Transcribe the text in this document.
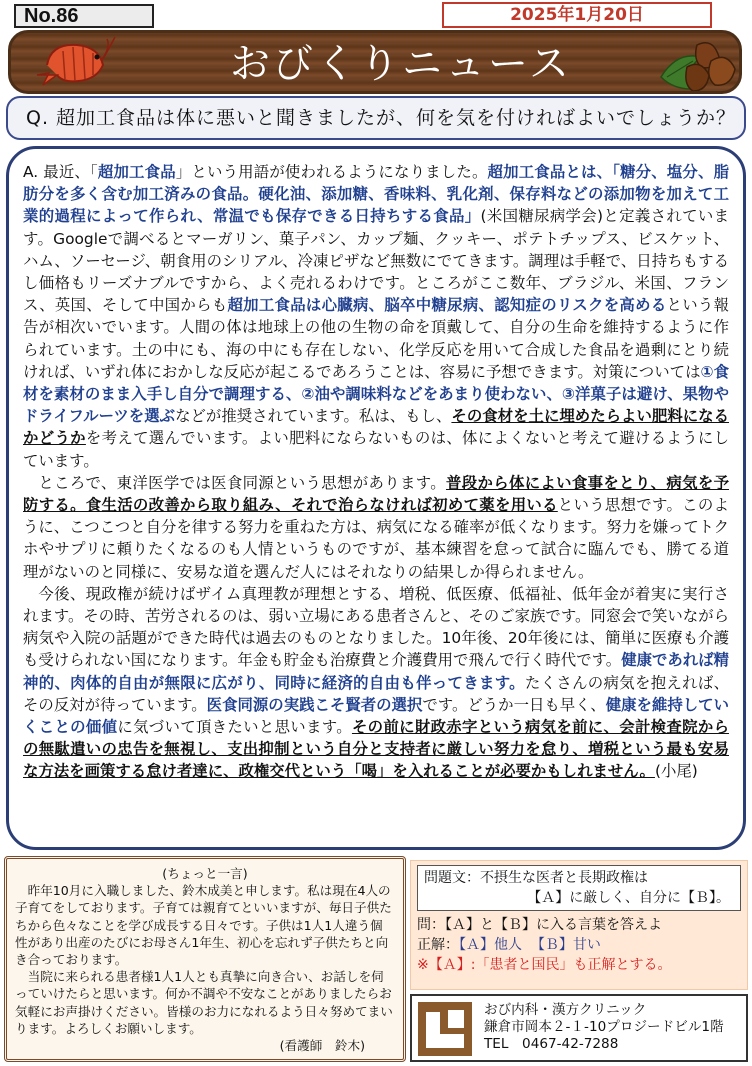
No.86	2025年1月20日
おびくりニュース
Q. 超加工食品は体に悪いと聞きましたが、何を気を付ければよいでしょうか？

A. 最近、「超加工食品」という用語が使われるようになりました。超加工食品とは、「糖分、塩分、脂肪分を多く含む加工済みの食品。硬化油、添加糖、香味料、乳化剤、保存料などの添加物を加えて工業的過程によって作られ、常温でも保存できる日持ちする食品」(米国糖尿病学会)と定義されています。Googleで調べるとマーガリン、菓子パン、カップ麺、クッキー、ポテトチップス、ビスケット、ハム、ソーセージ、朝食用のシリアル、冷凍ピザなど無数にでてきます。調理は手軽で、日持ちもするし価格もリーズナブルですから、よく売れるわけです。ところがここ数年、ブラジル、米国、フランス、英国、そして中国からも超加工食品は心臓病、脳卒中糖尿病、認知症のリスクを高めるという報告が相次いでいます。人間の体は地球上の他の生物の命を頂戴して、自分の生命を維持するように作られています。土の中にも、海の中にも存在しない、化学反応を用いて合成した食品を過剰にとり続ければ、いずれ体におかしな反応が起こるであろうことは、容易に予想できます。対策については①食材を素材のまま入手し自分で調理する、②油や調味料などをあまり使わない、③洋菓子は避け、果物やドライフルーツを選ぶなどが推奨されています。私は、もし、その食材を土に埋めたらよい肥料になるかどうかを考えて選んでいます。よい肥料にならないものは、体によくないと考えて避けるようにしています。

ところで、東洋医学では医食同源という思想があります。普段から体によい食事をとり、病気を予防する。食生活の改善から取り組み、それで治らなければ初めて薬を用いるという思想です。このように、こつこつと自分を律する努力を重ねた方は、病気になる確率が低くなります。努力を嫌ってトクホやサプリに頼りたくなるのも人情というものですが、基本練習を怠って試合に臨んでも、勝てる道理がないのと同様に、安易な道を選んだ人にはそれなりの結果しか得られません。

今後、現政権が続けばザイム真理教が理想とする、増税、低医療、低福祉、低年金が着実に実行されます。その時、苦労されるのは、弱い立場にある患者さんと、そのご家族です。同窓会で笑いながら病気や入院の話題ができた時代は過去のものとなりました。10年後、20年後には、簡単に医療も介護も受けられない国になります。年金も貯金も治療費と介護費用で飛んで行く時代です。健康であれば精神的、肉体的自由が無限に広がり、同時に経済的自由も伴ってきます。たくさんの病気を抱えれば、その反対が待っています。医食同源の実践こそ賢者の選択です。どうか一日も早く、健康を維持していくことの価値に気づいて頂きたいと思います。その前に財政赤字という病気を前に、会計検査院からの無駄遣いの忠告を無視し、支出抑制という自分と支持者に厳しい努力を怠り、増税という最も安易な方法を画策する怠け者達に、政権交代という「喝」を入れることが必要かもしれません。(小尾)

(ちょっと一言)
昨年10月に入職しました、鈴木成美と申します。私は現在4人の子育てをしております。子育ては親育てといいますが、毎日子供たちから色々なことを学び成長する日々です。子供は1人1人違う個性があり出産のたびにお母さん1年生、初心を忘れず子供たちと向き合っております。
当院に来られる患者様1人1人とも真摯に向き合い、お話しを伺っていけたらと思います。何か不調や不安なことがありましたらお気軽にお声掛けください。皆様のお力になれるよう日々努めてまいります。よろしくお願いします。
(看護師　鈴木)
問題文：不摂生な医者と長期政権は
【Ａ】に厳しく、自分に【Ｂ】。
問：【Ａ】と【Ｂ】に入る言葉を答えよ
正解：【Ａ】他人 【Ｂ】甘い
※【Ａ】:「患者と国民」も正解とする。
おび内科・漢方クリニック
鎌倉市岡本２-１-10プロジードビル1階
TEL　0467-42-7288
